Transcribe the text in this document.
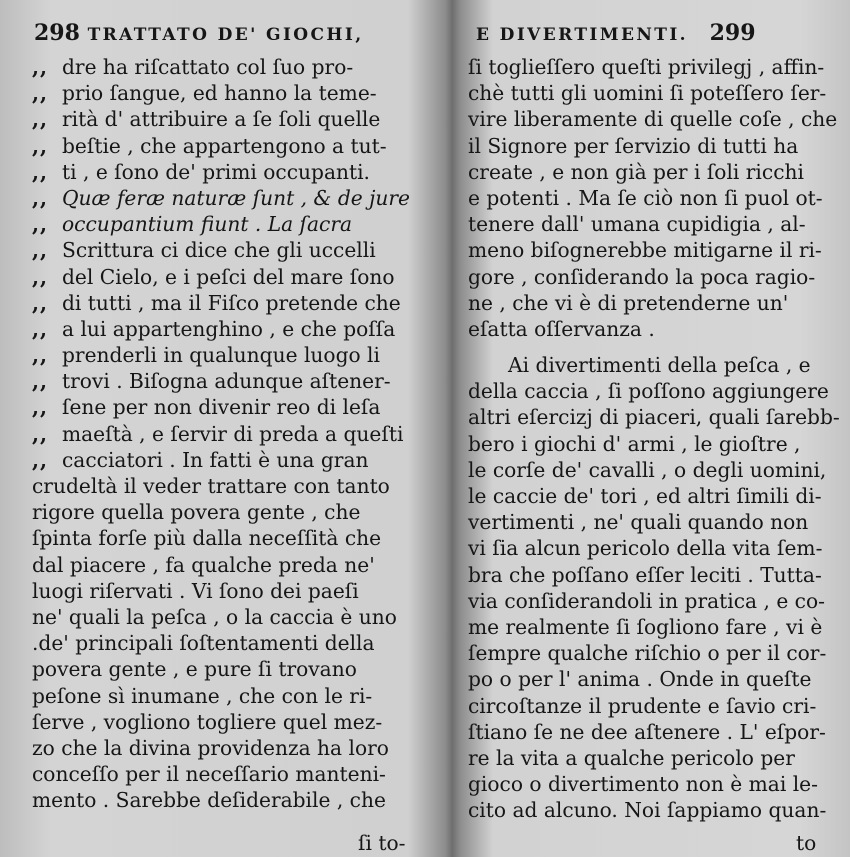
298 TRATTATO DE' GIOCHI,
,, dre ha riſcattato col ſuo pro-
,, prio ſangue, ed hanno la teme-
,, rità d' attribuire a ſe ſoli quelle
,, beſtie , che appartengono a tut-
,, ti , e ſono de' primi occupanti.
,, Quæ feræ naturæ ſunt , & de jure
,, occupantium fiunt . La ſacra
,, Scrittura ci dice che gli uccelli
,, del Cielo, e i peſci del mare ſono
,, di tutti , ma il Fiſco pretende che
,, a lui appartenghino , e che poſſa
,, prenderli in qualunque luogo li
,, trovi . Biſogna adunque aſtener-
,, ſene per non divenir reo di leſa
,, maeſtà , e ſervir di preda a queſti
,, cacciatori . In fatti è una gran
crudeltà il veder trattare con tanto
rigore quella povera gente , che
ſpinta forſe più dalla neceſſità che
dal piacere , fa qualche preda ne'
luogi riſervati . Vi ſono dei paeſi
ne' quali la peſca , o la caccia è uno
.de' principali ſoſtentamenti della
povera gente , e pure ſi trovano
peſone sì inumane , che con le ri-
ſerve , vogliono togliere quel mez-
zo che la divina providenza ha loro
conceſſo per il neceſſario manteni-
mento . Sarebbe deſiderabile , che
ſi to-
E DIVERTIMENTI. 299
ſi toglieſſero queſti privilegj , affin-
chè tutti gli uomini ſi poteſſero ſer-
vire liberamente di quelle coſe , che
il Signore per ſervizio di tutti ha
create , e non già per i ſoli ricchi
e potenti . Ma ſe ciò non ſi puol ot-
tenere dall' umana cupidigia , al-
meno biſognerebbe mitigarne il ri-
gore , conſiderando la poca ragio-
ne , che vi è di pretenderne un'
eſatta oſſervanza .
Ai divertimenti della peſca , e
della caccia , ſi poſſono aggiungere
altri eſercizj di piaceri, quali ſarebb-
bero i giochi d' armi , le gioſtre ,
le corſe de' cavalli , o degli uomini,
le caccie de' tori , ed altri ſimili di-
vertimenti , ne' quali quando non
vi ſia alcun pericolo della vita ſem-
bra che poſſano eſſer leciti . Tutta-
via conſiderandoli in pratica , e co-
me realmente ſi ſogliono fare , vi è
ſempre qualche riſchio o per il cor-
po o per l' anima . Onde in queſte
circoſtanze il prudente e ſavio cri-
ſtiano ſe ne dee aſtenere . L' eſpor-
re la vita a qualche pericolo per
gioco o divertimento non è mai le-
cito ad alcuno. Noi ſappiamo quan-
to
